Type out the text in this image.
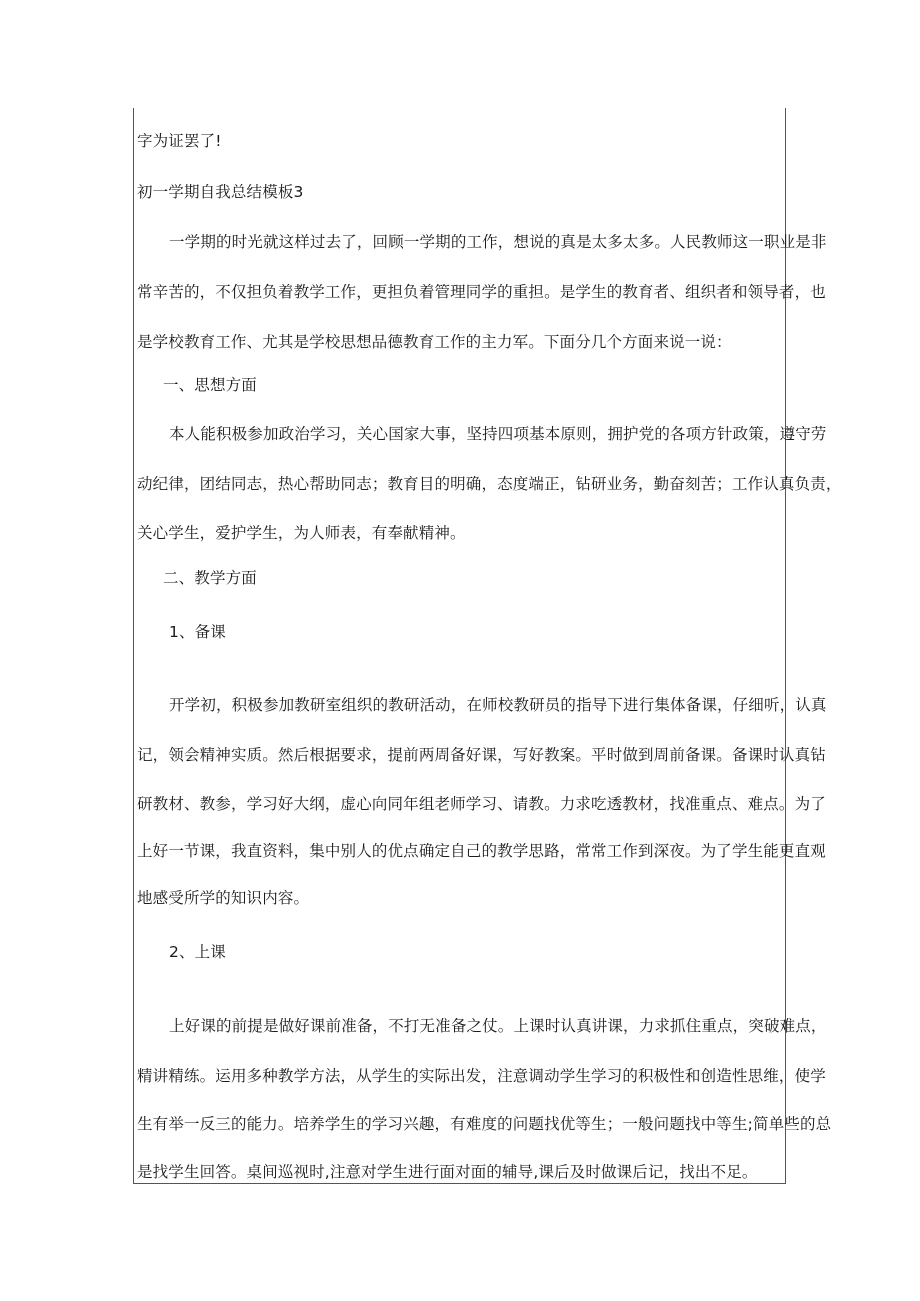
字为证罢了!

初一学期自我总结模板3

一 学 期 的 时 光 就 这 样 过 去 了 ， 回 顾 一 学 期 的 工 作 ， 想 说 的 真 是 太 多 太 多 。 人 民 教 师 这 一 职 业 是 非

常 辛 苦 的 ， 不 仅 担 负 着 教 学 工 作 ， 更 担 负 着 管 理 同 学 的 重 担 。 是 学 生 的 教 育 者 、 组 织 者 和 领 导 者 ， 也

是学校教育工作、尤其是学校思想品德教育工作的主力军。下面分几个方面来说一说：

一、思想方面

本 人 能 积 极 参 加 政 治 学 习 ， 关 心 国 家 大 事 ， 坚 持 四 项 基 本 原 则 ， 拥 护 党 的 各 项 方 针 政 策 ， 遵 守 劳

动 纪 律 ， 团 结 同 志 ， 热 心 帮 助 同 志 ； 教 育 目 的 明 确 ， 态 度 端 正 ， 钻 研 业 务 ， 勤 奋 刻 苦 ； 工 作 认 真 负 责 ，

关心学生，爱护学生，为人师表，有奉献精神。

二、教学方面

1、备课

开 学 初 ， 积 极 参 加 教 研 室 组 织 的 教 研 活 动 ， 在 师 校 教 研 员 的 指 导 下 进 行 集 体 备 课 ， 仔 细 听 ， 认 真

记 ， 领 会 精 神 实 质 。 然 后 根 据 要 求 ， 提 前 两 周 备 好 课 ， 写 好 教 案 。 平 时 做 到 周 前 备 课 。 备 课 时 认 真 钻

研 教 材 、 教 参 ， 学 习 好 大 纲 ， 虚 心 向 同 年 组 老 师 学 习 、 请 教 。 力 求 吃 透 教 材 ， 找 准 重 点 、 难 点 。 为 了

上 好 一 节 课 ， 我 直 资 料 ， 集 中 别 人 的 优 点 确 定 自 己 的 教 学 思 路 ， 常 常 工 作 到 深 夜 。 为 了 学 生 能 更 直 观

地感受所学的知识内容。

2、上课

上 好 课 的 前 提 是 做 好 课 前 准 备 ， 不 打 无 准 备 之 仗 。 上 课 时 认 真 讲 课 ， 力 求 抓 住 重 点 ， 突 破 难 点 ，

精 讲 精 练 。 运 用 多 种 教 学 方 法 ， 从 学 生 的 实 际 出 发 ， 注 意 调 动 学 生 学 习 的 积 极 性 和 创 造 性 思 维 ， 使 学

生 有 举 一 反 三 的 能 力 。 培 养 学 生 的 学 习 兴 趣 ， 有 难 度 的 问 题 找 优 等 生 ； 一 般 问 题 找 中 等 生 ; 简 单 些 的 总

是找学生回答。桌间巡视时,注意对学生进行面对面的辅导,课后及时做课后记，找出不足。
